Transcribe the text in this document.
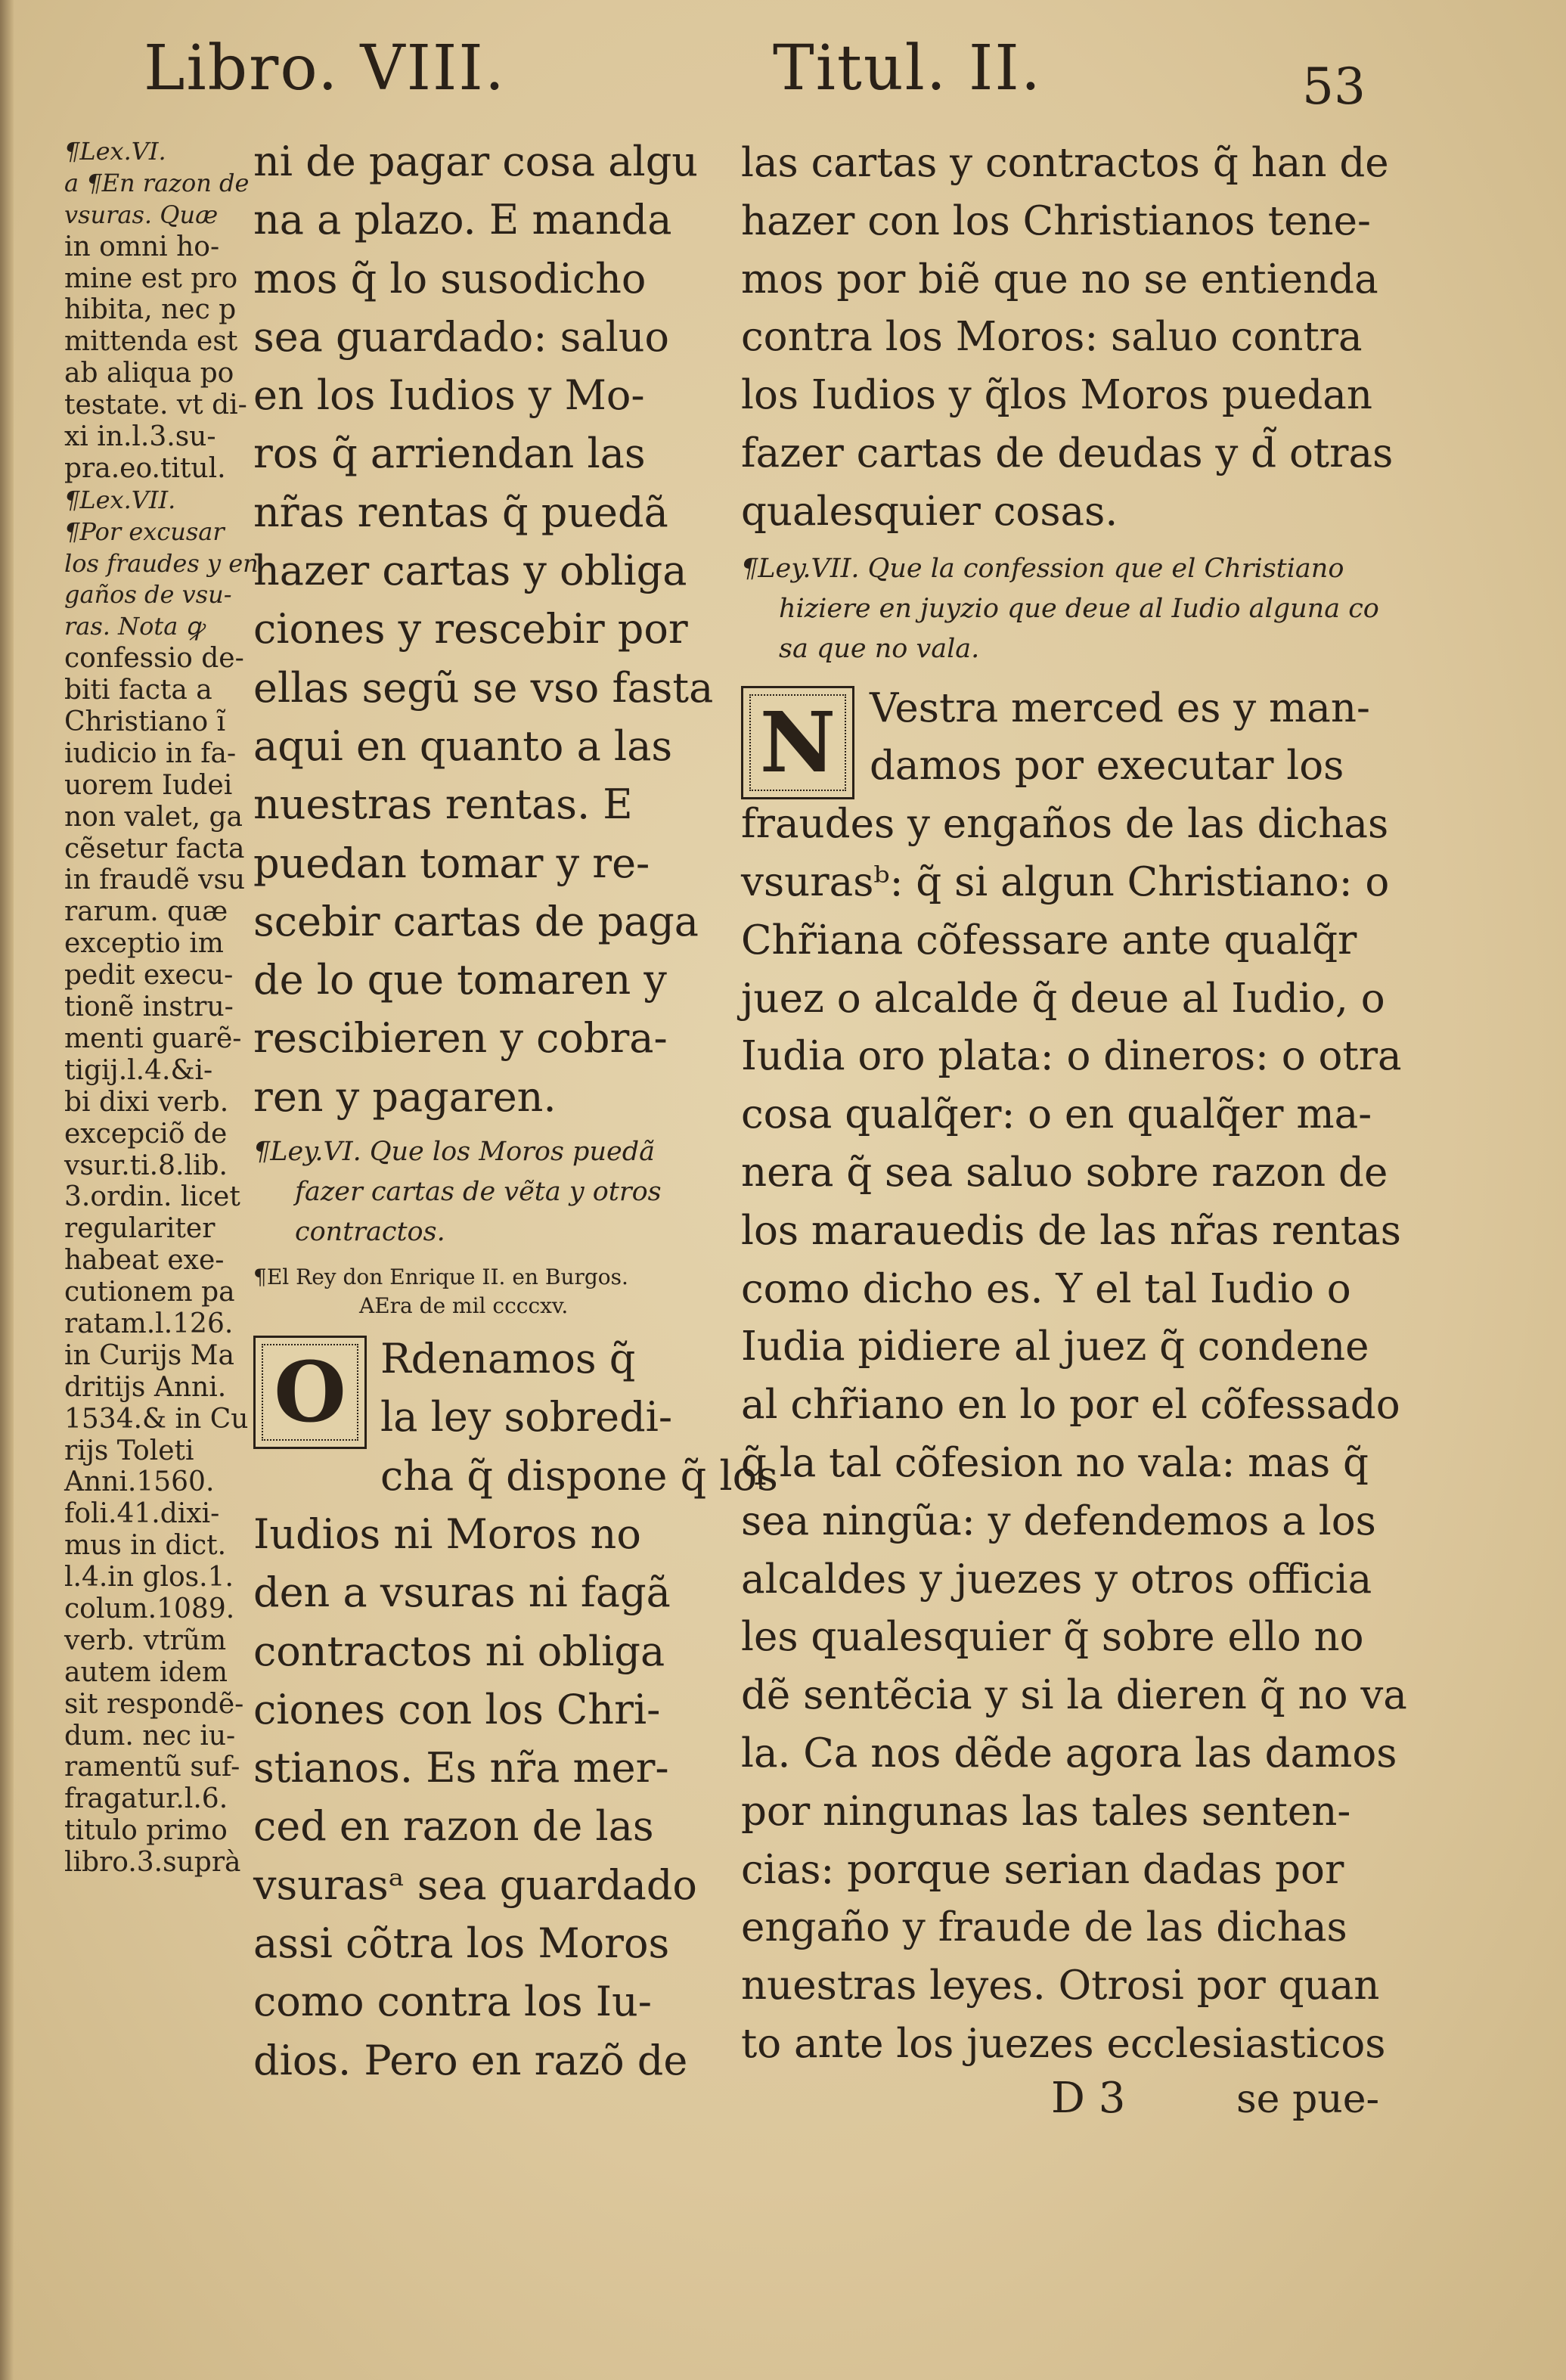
Libro. VIII.	Titul. II.	53
¶Lex.VI.
a ¶En razon de
vsuras. Quæ
in omni ho-
mine est pro
hibita, nec p
mittenda est
ab aliqua po
testate. vt di-
xi in.l.3.su-
pra.eo.titul.
¶Lex.VII.
¶Por excusar
los fraudes y en
gaños de vsu-
ras. Nota ꝙ
confessio de-
biti facta a
Christiano ĩ
iudicio in fa-
uorem Iudei
non valet, ga
cẽsetur facta
in fraudẽ vsu
rarum. quæ
exceptio im
pedit execu-
tionẽ instru-
menti guarẽ-
tigij.l.4.&i-
bi dixi verb.
excepciõ de
vsur.ti.8.lib.
3.ordin. licet
regulariter
habeat exe-
cutionem pa
ratam.l.126.
in Curijs Ma
dritijs Anni.
1534.& in Cu
rijs Toleti
Anni.1560.
foli.41.dixi-
mus in dict.
l.4.in glos.1.
colum.1089.
verb. vtrũm
autem idem
sit respondẽ-
dum. nec iu-
ramentũ suf-
fragatur.l.6.
titulo primo
libro.3.suprà
ni de pagar cosa algu
na a plazo. E manda
mos q̃ lo susodicho
sea guardado: saluo
en los Iudios y Mo-
ros q̃ arriendan las
nr̃as rentas q̃ puedã
hazer cartas y obliga
ciones y rescebir por
ellas segũ se vso fasta
aqui en quanto a las
nuestras rentas. E
puedan tomar y re-
scebir cartas de paga
de lo que tomaren y
rescibieren y cobra-
ren y pagaren.
¶Ley.VI. Que los Moros puedã
fazer cartas de vẽta y otros
contractos.
¶El Rey don Enrique II. en Burgos.
AEra de mil ccccxv.
O Rdenamos q̃
la ley sobredi-
cha q̃ dispone q̃ los
Iudios ni Moros no
den a vsuras ni fagã
contractos ni obliga
ciones con los Chri-
stianos. Es nr̃a mer-
ced en razon de las
vsurasᵃ sea guardado
assi cõtra los Moros
como contra los Iu-
dios. Pero en razõ de
las cartas y contractos q̃ han de
hazer con los Christianos tene-
mos por biẽ que no se entienda
contra los Moros: saluo contra
los Iudios y q̃los Moros puedan
fazer cartas de deudas y d̃ otras
qualesquier cosas.
¶Ley.VII. Que la confession que el Christiano
hiziere en juyzio que deue al Iudio alguna co
sa que no vala.
N Vestra merced es y man-
damos por executar los
fraudes y engaños de las dichas
vsurasᵇ: q̃ si algun Christiano: o
Chr̃iana cõfessare ante qualq̃r
juez o alcalde q̃ deue al Iudio, o
Iudia oro plata: o dineros: o otra
cosa qualq̃er: o en qualq̃er ma-
nera q̃ sea saluo sobre razon de
los marauedis de las nr̃as rentas
como dicho es. Y el tal Iudio o
Iudia pidiere al juez q̃ condene
al chr̃iano en lo por el cõfessado
q̃ la tal cõfesion no vala: mas q̃
sea ningũa: y defendemos a los
alcaldes y juezes y otros officia
les qualesquier q̃ sobre ello no
dẽ sentẽcia y si la dieren q̃ no va
la. Ca nos dẽde agora las damos
por ningunas las tales senten-
cias: porque serian dadas por
engaño y fraude de las dichas
nuestras leyes. Otrosi por quan
to ante los juezes ecclesiasticos
D 3	se pue-
